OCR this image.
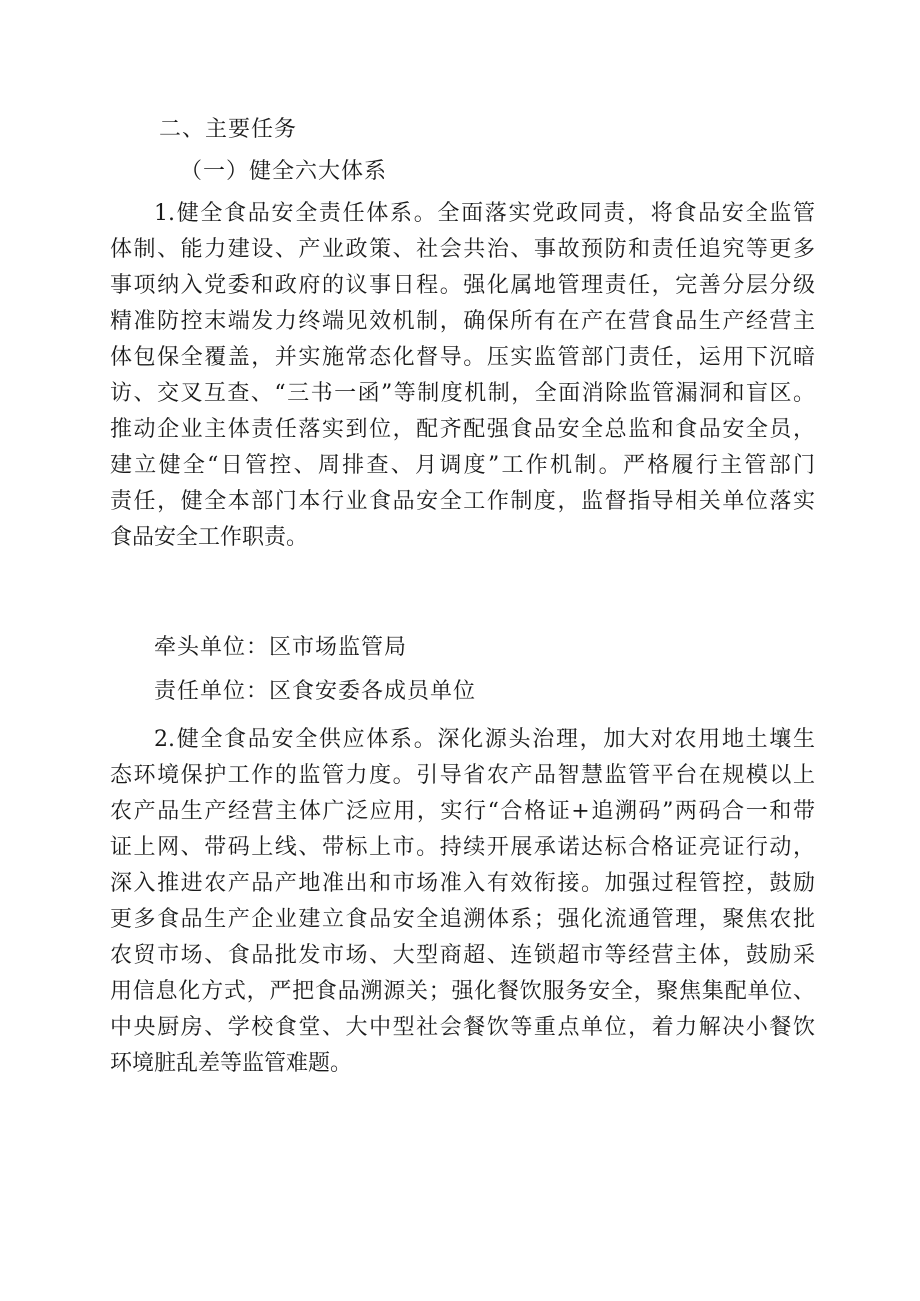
二、主要任务
（一）健全六大体系
1.健全食品安全责任体系。全面落实党政同责，将食品安全监管
体制、能力建设、产业政策、社会共治、事故预防和责任追究等更多
事项纳入党委和政府的议事日程。强化属地管理责任，完善分层分级
精准防控末端发力终端见效机制，确保所有在产在营食品生产经营主
体包保全覆盖，并实施常态化督导。压实监管部门责任，运用下沉暗
访、交叉互查、“三书一函”等制度机制，全面消除监管漏洞和盲区。
推动企业主体责任落实到位，配齐配强食品安全总监和食品安全员，
建立健全“日管控、周排查、月调度”工作机制。严格履行主管部门
责任，健全本部门本行业食品安全工作制度，监督指导相关单位落实
食品安全工作职责。
牵头单位：区市场监管局
责任单位：区食安委各成员单位
2.健全食品安全供应体系。深化源头治理，加大对农用地土壤生
态环境保护工作的监管力度。引导省农产品智慧监管平台在规模以上
农产品生产经营主体广泛应用，实行“合格证+追溯码”两码合一和带
证上网、带码上线、带标上市。持续开展承诺达标合格证亮证行动，
深入推进农产品产地准出和市场准入有效衔接。加强过程管控，鼓励
更多食品生产企业建立食品安全追溯体系；强化流通管理，聚焦农批
农贸市场、食品批发市场、大型商超、连锁超市等经营主体，鼓励采
用信息化方式，严把食品溯源关；强化餐饮服务安全，聚焦集配单位、
中央厨房、学校食堂、大中型社会餐饮等重点单位，着力解决小餐饮
环境脏乱差等监管难题。
